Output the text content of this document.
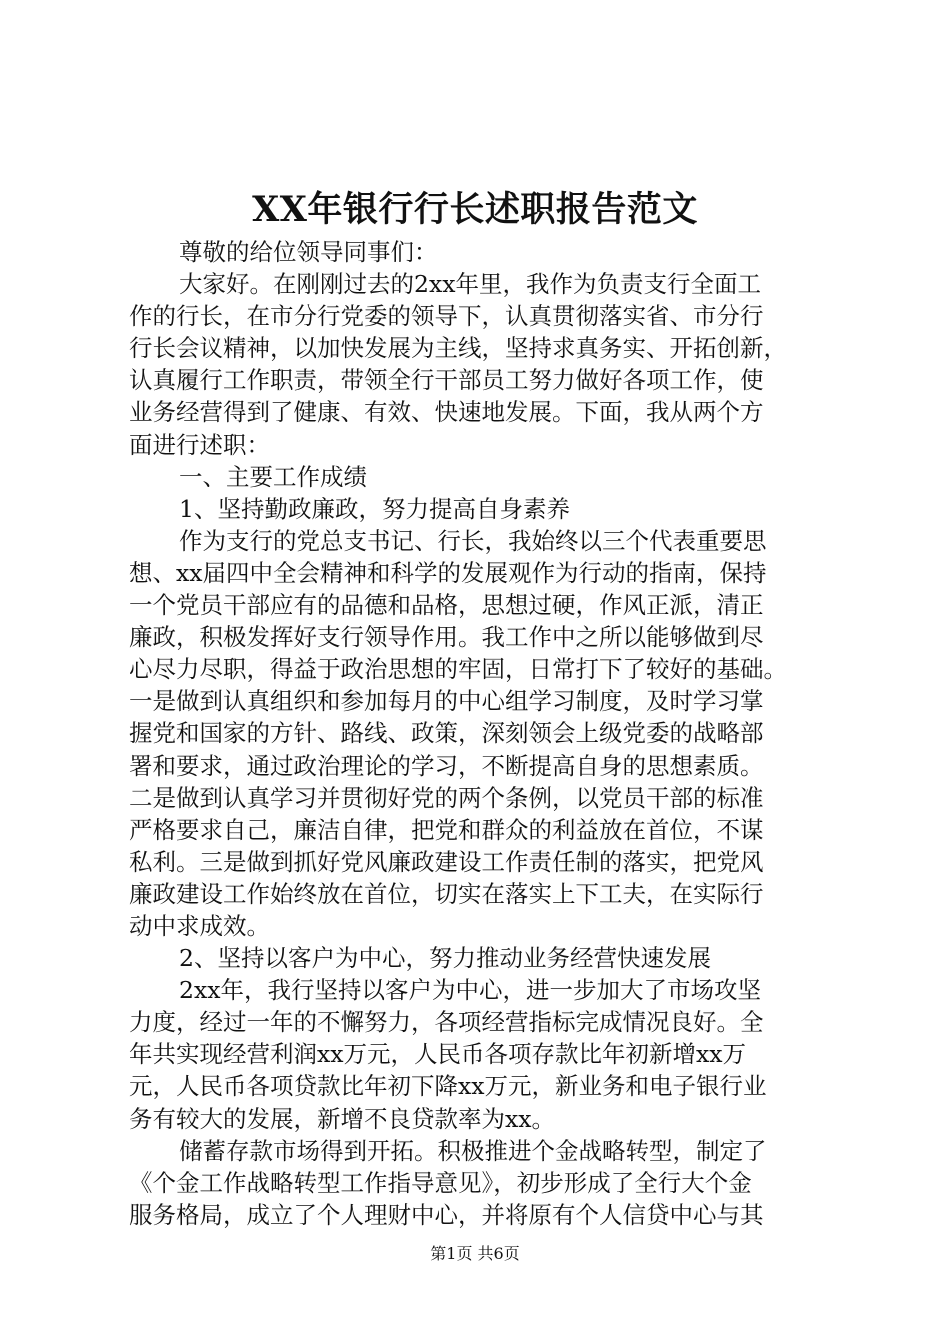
XX年银行行长述职报告范文
尊敬的给位领导同事们：
大家好。在刚刚过去的2xx年里，我作为负责支行全面工
作的行长，在市分行党委的领导下，认真贯彻落实省、市分行
行长会议精神，以加快发展为主线，坚持求真务实、开拓创新，
认真履行工作职责，带领全行干部员工努力做好各项工作，使
业务经营得到了健康、有效、快速地发展。下面，我从两个方
面进行述职：
一、主要工作成绩
1、坚持勤政廉政，努力提高自身素养
作为支行的党总支书记、行长，我始终以三个代表重要思
想、xx届四中全会精神和科学的发展观作为行动的指南，保持
一个党员干部应有的品德和品格，思想过硬，作风正派，清正
廉政，积极发挥好支行领导作用。我工作中之所以能够做到尽
心尽力尽职，得益于政治思想的牢固，日常打下了较好的基础。
一是做到认真组织和参加每月的中心组学习制度，及时学习掌
握党和国家的方针、路线、政策，深刻领会上级党委的战略部
署和要求，通过政治理论的学习，不断提高自身的思想素质。
二是做到认真学习并贯彻好党的两个条例，以党员干部的标准
严格要求自己，廉洁自律，把党和群众的利益放在首位，不谋
私利。三是做到抓好党风廉政建设工作责任制的落实，把党风
廉政建设工作始终放在首位，切实在落实上下工夫，在实际行
动中求成效。
2、坚持以客户为中心，努力推动业务经营快速发展
2xx年，我行坚持以客户为中心，进一步加大了市场攻坚
力度，经过一年的不懈努力，各项经营指标完成情况良好。全
年共实现经营利润xx万元，人民币各项存款比年初新增xx万
元，人民币各项贷款比年初下降xx万元，新业务和电子银行业
务有较大的发展，新增不良贷款率为xx。
储蓄存款市场得到开拓。积极推进个金战略转型，制定了
《个金工作战略转型工作指导意见》，初步形成了全行大个金
服务格局，成立了个人理财中心，并将原有个人信贷中心与其
第1页 共6页
